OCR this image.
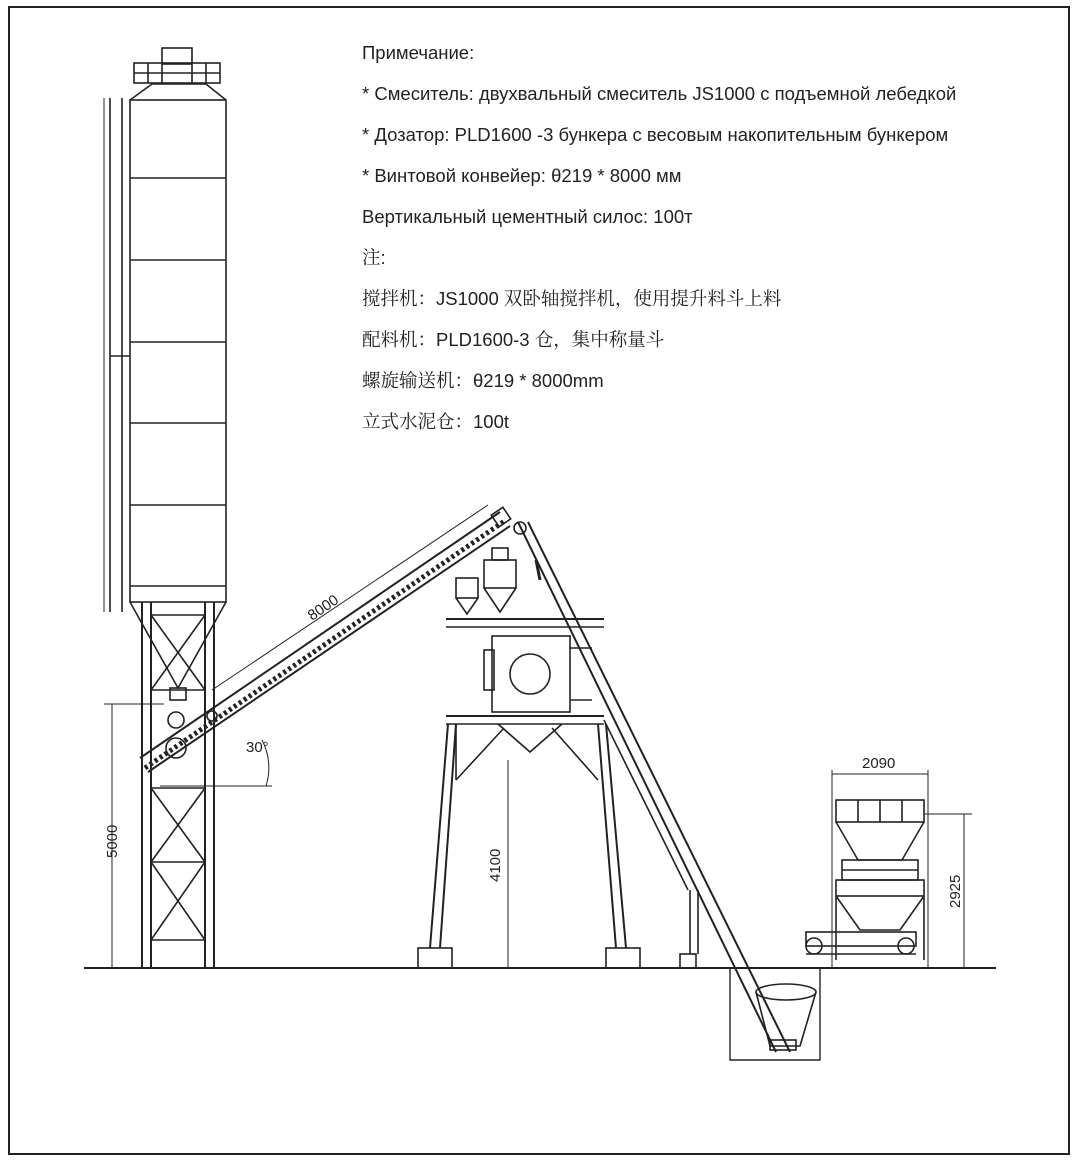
Примечание:
* Смеситель: двухвальный смеситель JS1000 с подъемной лебедкой
* Дозатор: PLD1600 -3 бункера с весовым накопительным бункером
* Винтовой конвейер: θ219 * 8000 мм
Вертикальный цементный силос: 100т
注:
搅拌机：JS1000 双卧轴搅拌机，使用提升料斗上料
配料机：PLD1600-3 仓，集中称量斗
螺旋输送机：θ219 * 8000mm
立式水泥仓：100t
8000
30°
5000
4100
2090
2925
